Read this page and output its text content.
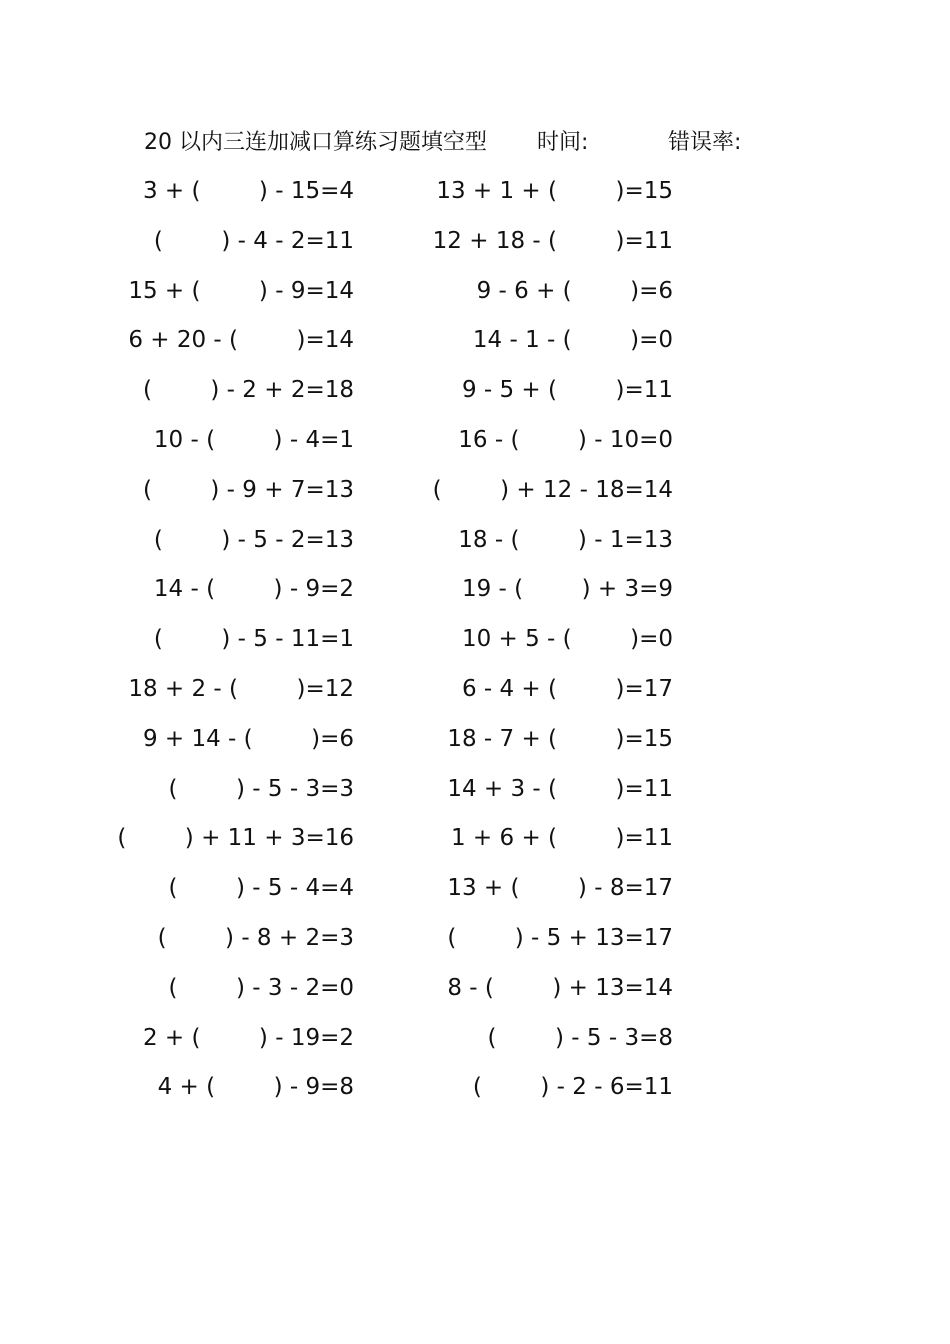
20 以内三连加减口算练习题填空型 时间:	错误率:
3 + (        ) - 15=4	13 + 1 + (        )=15
(        ) - 4 - 2=11	12 + 18 - (        )=11
15 + (        ) - 9=14	9 - 6 + (        )=6
6 + 20 - (        )=14	14 - 1 - (        )=0
(        ) - 2 + 2=18	9 - 5 + (        )=11
10 - (        ) - 4=1	16 - (        ) - 10=0
(        ) - 9 + 7=13	(        ) + 12 - 18=14
(        ) - 5 - 2=13	18 - (        ) - 1=13
14 - (        ) - 9=2	19 - (        ) + 3=9
(        ) - 5 - 11=1	10 + 5 - (        )=0
18 + 2 - (        )=12	6 - 4 + (        )=17
9 + 14 - (        )=6	18 - 7 + (        )=15
(        ) - 5 - 3=3	14 + 3 - (        )=11
(        ) + 11 + 3=16	1 + 6 + (        )=11
(        ) - 5 - 4=4	13 + (        ) - 8=17
(        ) - 8 + 2=3	(        ) - 5 + 13=17
(        ) - 3 - 2=0	8 - (        ) + 13=14
2 + (        ) - 19=2	(        ) - 5 - 3=8
4 + (        ) - 9=8	(        ) - 2 - 6=11
